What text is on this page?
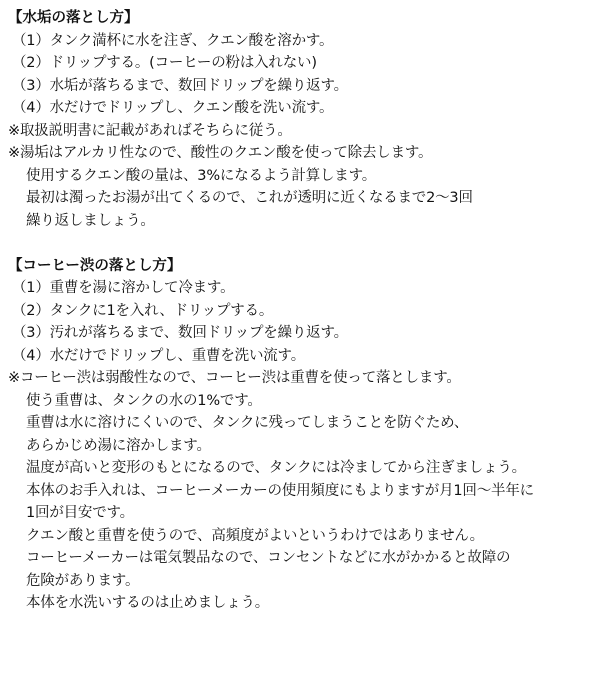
【水垢の落とし方】
（1）タンク満杯に水を注ぎ、クエン酸を溶かす。
（2）ドリップする。(コーヒーの粉は入れない)
（3）水垢が落ちるまで、数回ドリップを繰り返す。
（4）水だけでドリップし、クエン酸を洗い流す。
※取扱説明書に記載があればそちらに従う。
※湯垢はアルカリ性なので、酸性のクエン酸を使って除去します。
使用するクエン酸の量は、3%になるよう計算します。
最初は濁ったお湯が出てくるので、これが透明に近くなるまで2〜3回
繰り返しましょう。
【コーヒー渋の落とし方】
（1）重曹を湯に溶かして冷ます。
（2）タンクに1を入れ、ドリップする。
（3）汚れが落ちるまで、数回ドリップを繰り返す。
（4）水だけでドリップし、重曹を洗い流す。
※コーヒー渋は弱酸性なので、コーヒー渋は重曹を使って落とします。
使う重曹は、タンクの水の1%です。
重曹は水に溶けにくいので、タンクに残ってしまうことを防ぐため、
あらかじめ湯に溶かします。
温度が高いと変形のもとになるので、タンクには冷ましてから注ぎましょう。
本体のお手入れは、コーヒーメーカーの使用頻度にもよりますが月1回〜半年に
1回が目安です。
クエン酸と重曹を使うので、高頻度がよいというわけではありません。
コーヒーメーカーは電気製品なので、コンセントなどに水がかかると故障の
危険があります。
本体を水洗いするのは止めましょう。
